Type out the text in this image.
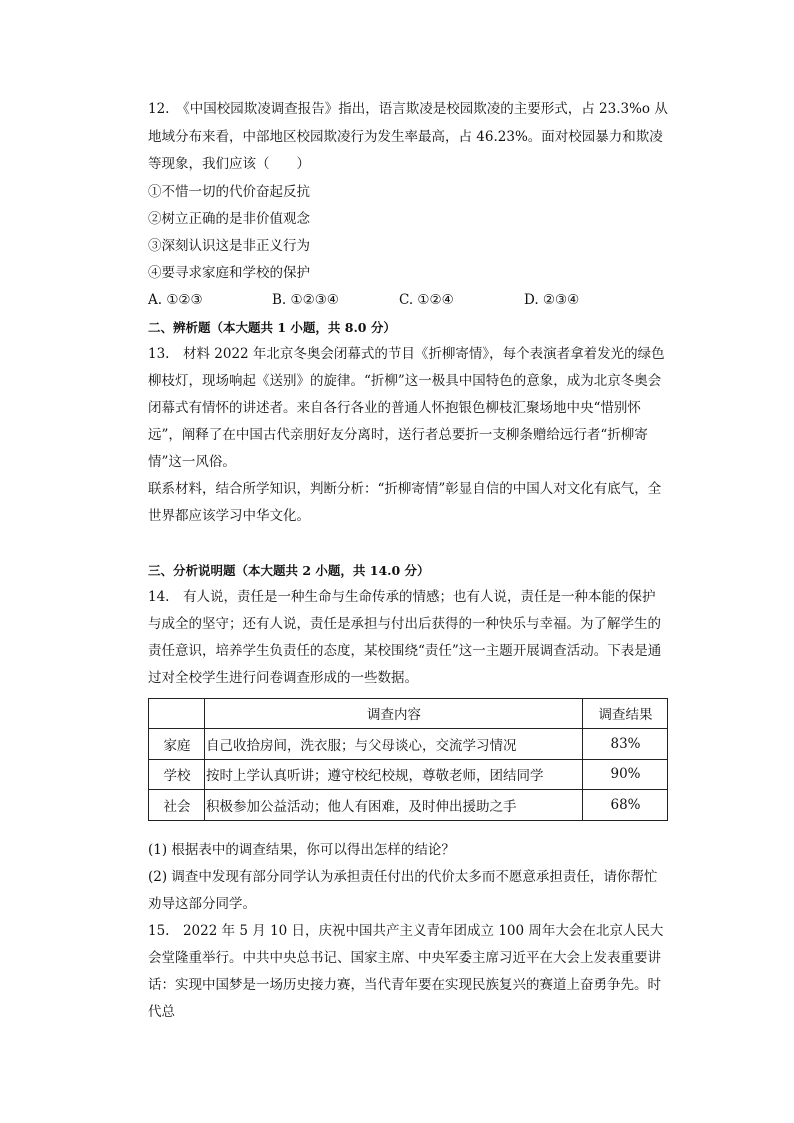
12.　《中国校园欺凌调查报告》指出，语言欺凌是校园欺凌的主要形式，占 23.3%o 从地域分布来看，中部地区校园欺凌行为发生率最高，占 46.23%。面对校园暴力和欺凌等现象，我们应该（　　）

①不惜一切的代价奋起反抗

②树立正确的是非价值观念

③深刻认识这是非正义行为

④要寻求家庭和学校的保护

A. ①②③	B. ①②③④	C. ①②④	D. ②③④

二、辨析题（本大题共 1 小题，共 8.0 分）

13.　材料 2022 年北京冬奥会闭幕式的节目《折柳寄情》，每个表演者拿着发光的绿色柳枝灯，现场响起《送别》的旋律。“折柳”这一极具中国特色的意象，成为北京冬奥会闭幕式有情怀的讲述者。来自各行各业的普通人怀抱银色柳枝汇聚场地中央“惜别怀远”，阐释了在中国古代亲朋好友分离时，送行者总要折一支柳条赠给远行者“折柳寄情”这一风俗。

联系材料，结合所学知识，判断分析：“折柳寄情”彰显自信的中国人对文化有底气，全世界都应该学习中华文化。

三、分析说明题（本大题共 2 小题，共 14.0 分）

14.　有人说，责任是一种生命与生命传承的情感；也有人说，责任是一种本能的保护与成全的坚守；还有人说，责任是承担与付出后获得的一种快乐与幸福。为了解学生的责任意识，培养学生负责任的态度，某校围绕“责任”这一主题开展调查活动。下表是通过对全校学生进行问卷调查形成的一些数据。

	调查内容	调查结果
家庭	自己收拾房间，洗衣服；与父母谈心，交流学习情况	83%
学校	按时上学认真听讲；遵守校纪校规，尊敬老师，团结同学	90%
社会	积极参加公益活动；他人有困难，及时伸出援助之手	68%

(1) 根据表中的调查结果，你可以得出怎样的结论？

(2) 调查中发现有部分同学认为承担责任付出的代价太多而不愿意承担责任，请你帮忙劝导这部分同学。

15.　2022 年 5 月 10 日，庆祝中国共产主义青年团成立 100 周年大会在北京人民大会堂隆重举行。中共中央总书记、国家主席、中央军委主席习近平在大会上发表重要讲话：实现中国梦是一场历史接力赛，当代青年要在实现民族复兴的赛道上奋勇争先。时代总
